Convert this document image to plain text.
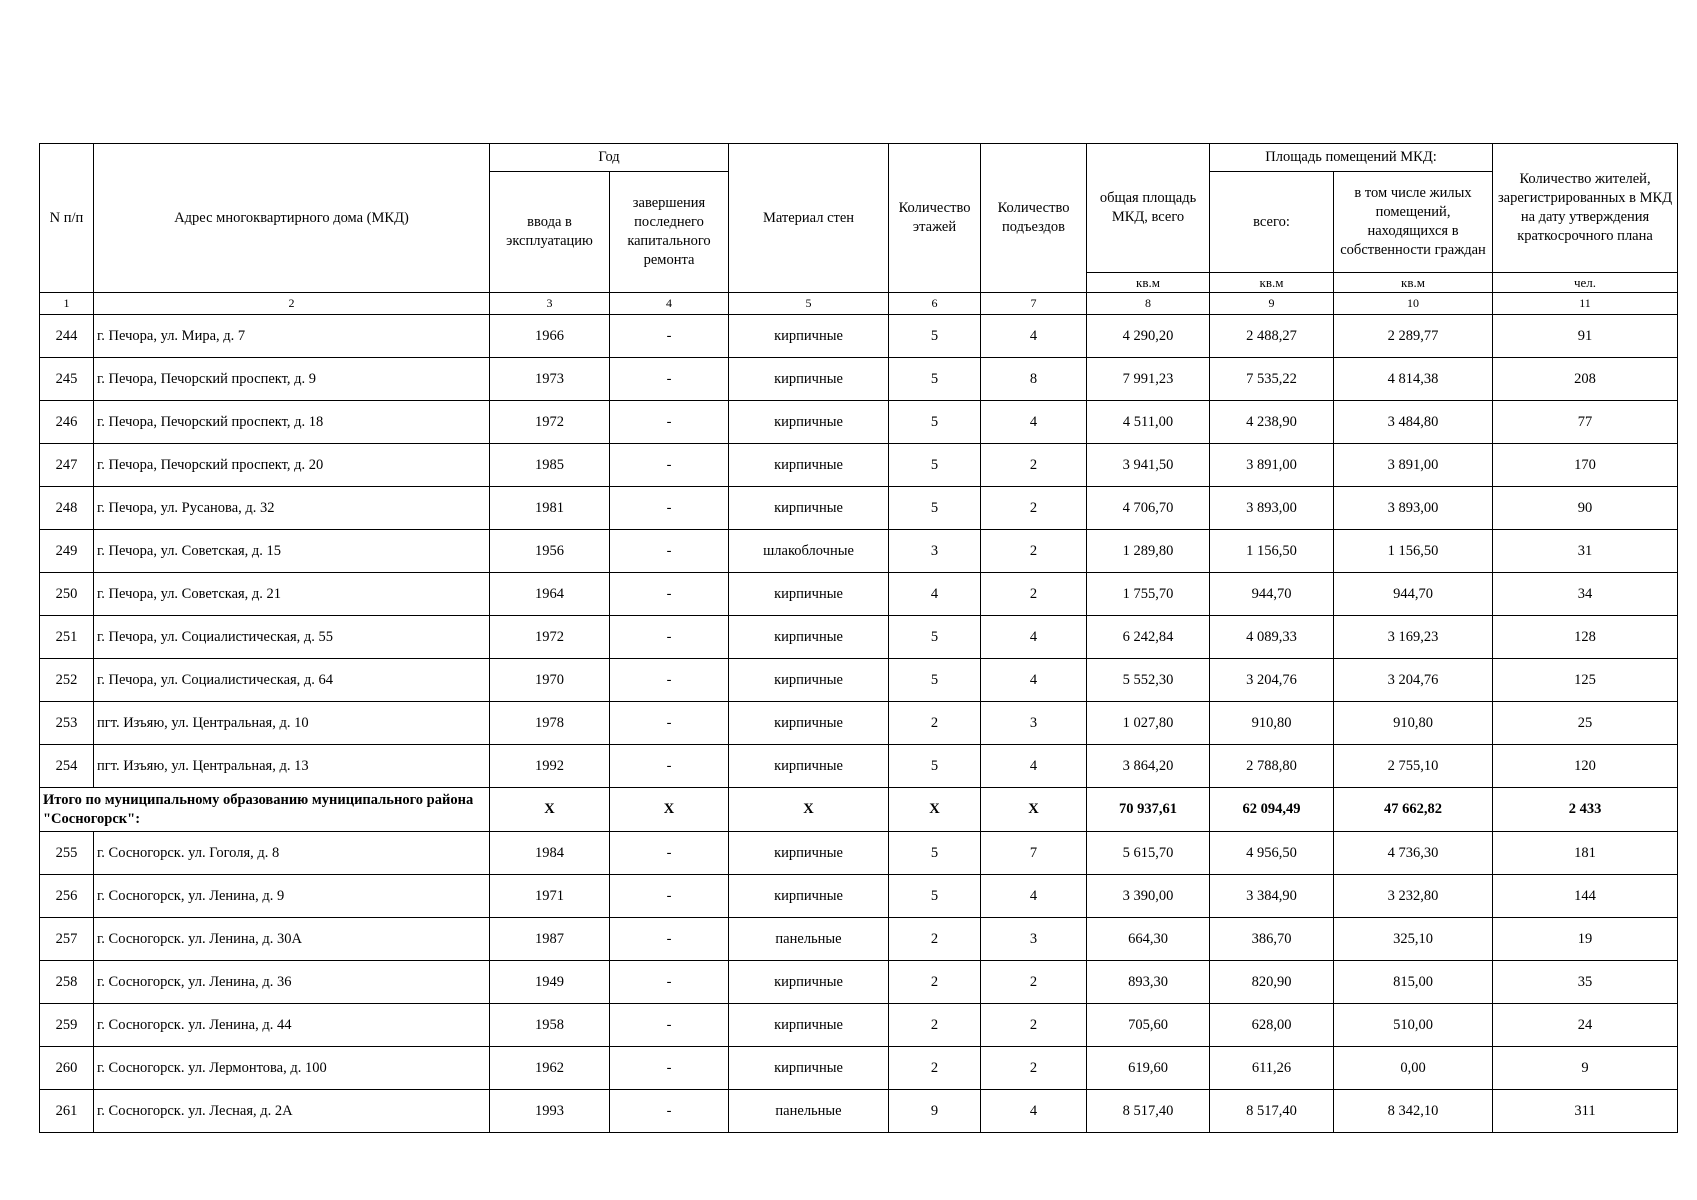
N п/п	Адрес многоквартирного дома (МКД)	Год		Материал стен	Количество этажей	Количество подъездов	общая площадь МКД, всего	Площадь помещений МКД:		Количество жителей, зарегистрированных в МКД на дату утверждения краткосрочного плана
		ввода в эксплуатацию	завершения последнего капитального ремонта					всего:	в том числе жилых помещений, находящихся в собственности граждан	
							кв.м	кв.м	кв.м	чел.
1	2	3	4	5	6	7	8	9	10	11
244	г. Печора, ул. Мира, д. 7	1966	-	кирпичные	5	4	4 290,20	2 488,27	2 289,77	91
245	г. Печора, Печорский проспект, д. 9	1973	-	кирпичные	5	8	7 991,23	7 535,22	4 814,38	208
246	г. Печора, Печорский проспект, д. 18	1972	-	кирпичные	5	4	4 511,00	4 238,90	3 484,80	77
247	г. Печора, Печорский проспект, д. 20	1985	-	кирпичные	5	2	3 941,50	3 891,00	3 891,00	170
248	г. Печора, ул. Русанова, д. 32	1981	-	кирпичные	5	2	4 706,70	3 893,00	3 893,00	90
249	г. Печора, ул. Советская, д. 15	1956	-	шлакоблочные	3	2	1 289,80	1 156,50	1 156,50	31
250	г. Печора, ул. Советская, д. 21	1964	-	кирпичные	4	2	1 755,70	944,70	944,70	34
251	г. Печора, ул. Социалистическая, д. 55	1972	-	кирпичные	5	4	6 242,84	4 089,33	3 169,23	128
252	г. Печора, ул. Социалистическая, д. 64	1970	-	кирпичные	5	4	5 552,30	3 204,76	3 204,76	125
253	пгт. Изъяю, ул. Центральная, д. 10	1978	-	кирпичные	2	3	1 027,80	910,80	910,80	25
254	пгт. Изъяю, ул. Центральная, д. 13	1992	-	кирпичные	5	4	3 864,20	2 788,80	2 755,10	120
Итого по муниципальному образованию муниципального района "Сосногорск":		X	X	X	X	X	70 937,61	62 094,49	47 662,82	2 433
255	г. Сосногорск. ул. Гоголя, д. 8	1984	-	кирпичные	5	7	5 615,70	4 956,50	4 736,30	181
256	г. Сосногорск, ул. Ленина, д. 9	1971	-	кирпичные	5	4	3 390,00	3 384,90	3 232,80	144
257	г. Сосногорск. ул. Ленина, д. 30А	1987	-	панельные	2	3	664,30	386,70	325,10	19
258	г. Сосногорск, ул. Ленина, д. 36	1949	-	кирпичные	2	2	893,30	820,90	815,00	35
259	г. Сосногорск. ул. Ленина, д. 44	1958	-	кирпичные	2	2	705,60	628,00	510,00	24
260	г. Сосногорск. ул. Лермонтова, д. 100	1962	-	кирпичные	2	2	619,60	611,26	0,00	9
261	г. Сосногорск. ул. Лесная, д. 2А	1993	-	панельные	9	4	8 517,40	8 517,40	8 342,10	311
